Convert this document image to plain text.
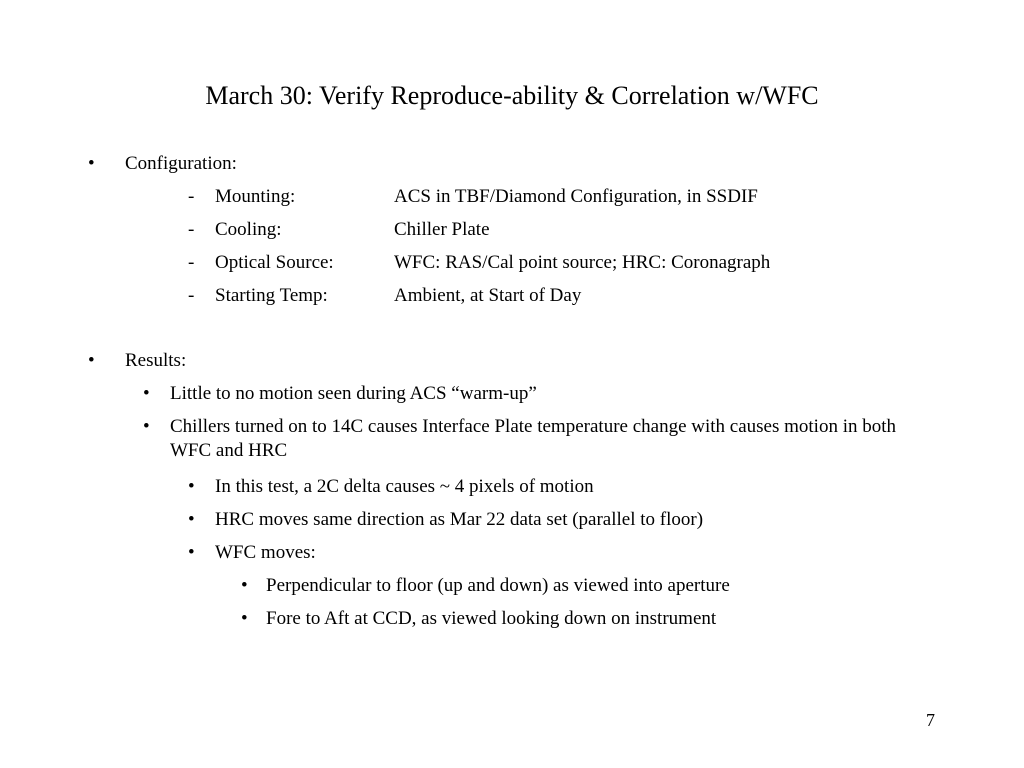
March 30: Verify Reproduce-ability & Correlation w/WFC
• Configuration:
- Mounting:	ACS in TBF/Diamond Configuration, in SSDIF
- Cooling:	Chiller Plate
- Optical Source:	WFC: RAS/Cal point source; HRC: Coronagraph
- Starting Temp:	Ambient, at Start of Day
• Results:
• Little to no motion seen during ACS “warm-up”
• Chillers turned on to 14C causes Interface Plate temperature change with causes motion in both WFC and HRC
• In this test, a 2C delta causes ~ 4 pixels of motion
• HRC moves same direction as Mar 22 data set (parallel to floor)
• WFC moves:
• Perpendicular to floor (up and down) as viewed into aperture
• Fore to Aft at CCD, as viewed looking down on instrument
7
